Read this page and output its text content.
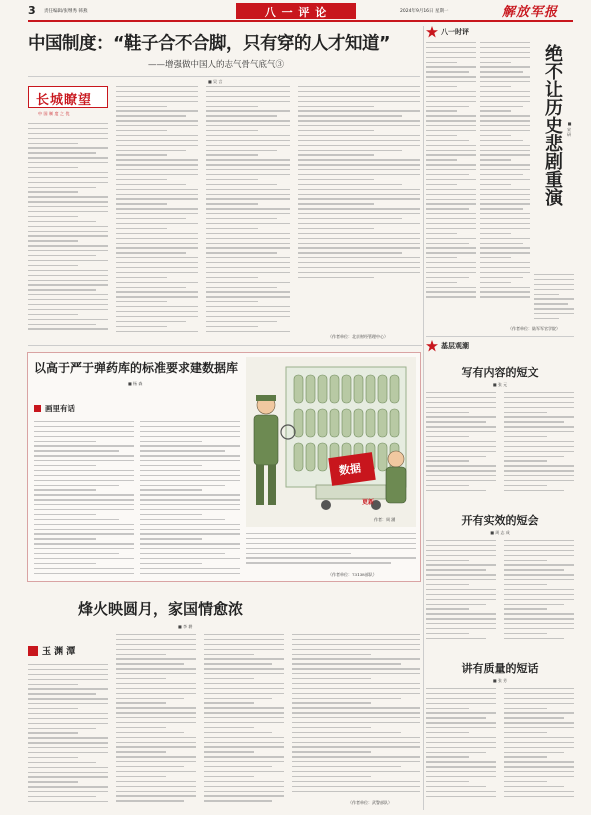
3 责任编辑/张继秀 韩燕	八 一 评 论	2024年9月16日 星期一	解放军报
中国制度：“鞋子合不合脚，只有穿的人才知道”
——增强做中国人的志气骨气底气③
■ 吴 言
长城瞭望
中国制度之优
（作者单位：北京财经管理中心）
以高于严于弹药库的标准要求建数据库
■ 杨 森
画里有话
数据
更新
作者：周 涵
（作者单位：73138部队）
烽火映圆月，家国情愈浓
■ 李 耕
玉 渊 潭
（作者单位：武警部队）
八一时评
绝不让历史悲剧重演 ■ 宋 研
（作者单位：陆军军官学院）
基层观潮
写有内容的短文
■ 张 元
开有实效的短会
■ 周 志 成
讲有质量的短话
■ 张 芳
